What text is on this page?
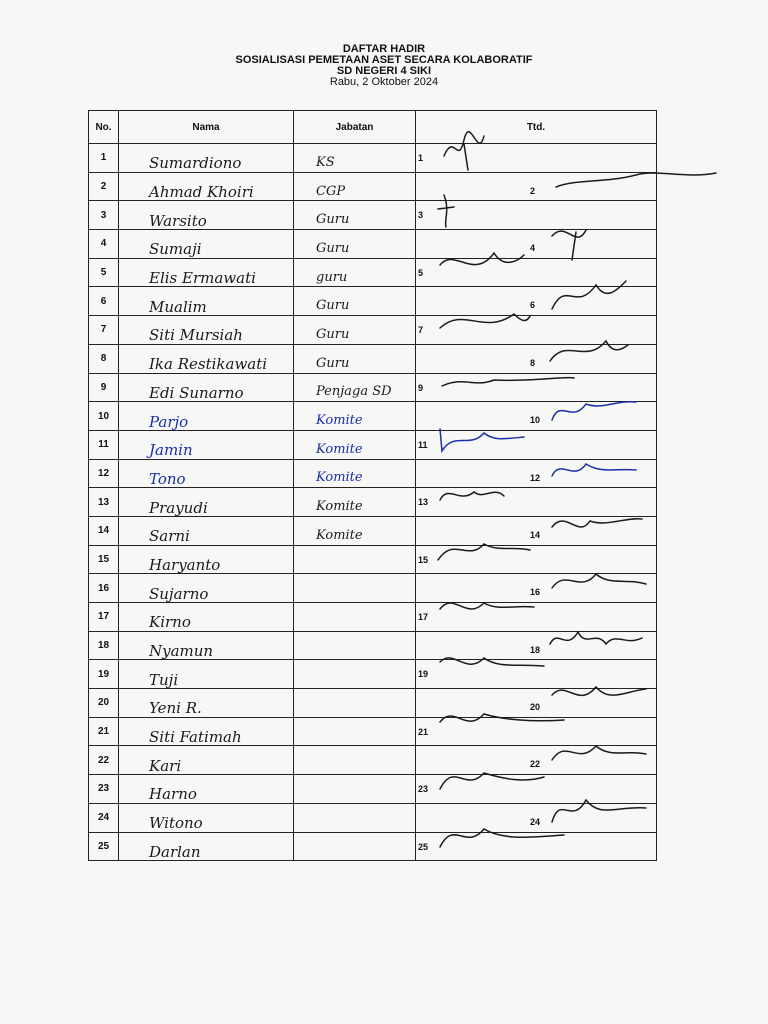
DAFTAR HADIR
SOSIALISASI PEMETAAN ASET SECARA KOLABORATIF
SD NEGERI 4 SIKI
Rabu, 2 Oktober 2024
No.	Nama	Jabatan	Ttd.
1	Sumardiono	KS	1

2	Ahmad Khoiri	CGP	2

3	Warsito	Guru	3

4	Sumaji	Guru	4

5	Elis Ermawati	guru	5

6	Mualim	Guru	6

7	Siti Mursiah	Guru	7

8	Ika Restikawati	Guru	8

9	Edi Sunarno	Penjaga SD	9

10	Parjo	Komite	10

11	Jamin	Komite	11

12	Tono	Komite	12

13	Prayudi	Komite	13

14	Sarni	Komite	14

15	Haryanto		15

16	Sujarno		16

17	Kirno		17

18	Nyamun		18

19	Tuji		19

20	Yeni R.		20

21	Siti Fatimah		21

22	Kari		22

23	Harno		23

24	Witono		24

25	Darlan		25
